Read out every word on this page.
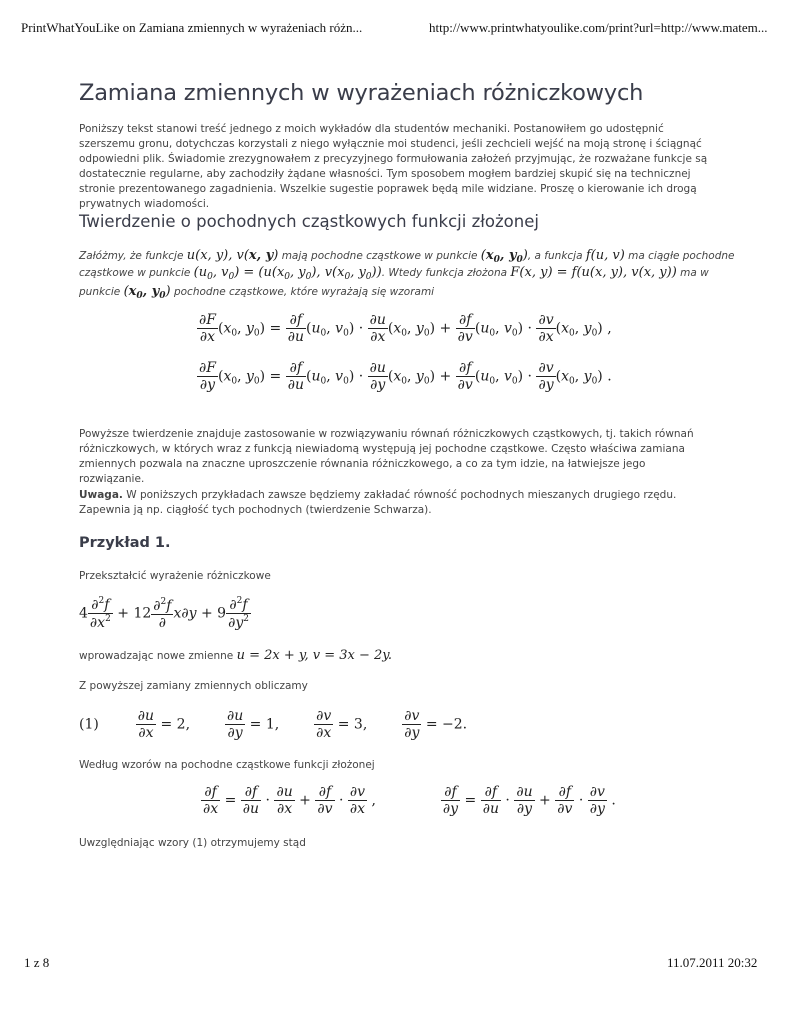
PrintWhatYouLike on Zamiana zmiennych w wyrażeniach różn...	http://www.printwhatyoulike.com/print?url=http://www.matem...
Zamiana zmiennych w wyrażeniach różniczkowych
Poniższy tekst stanowi treść jednego z moich wykładów dla studentów mechaniki. Postanowiłem go udostępnić szerszemu gronu, dotychczas korzystali z niego wyłącznie moi studenci, jeśli zechcieli wejść na moją stronę i ściągnąć odpowiedni plik. Świadomie zrezygnowałem z precyzyjnego formułowania założeń przyjmując, że rozważane funkcje są dostatecznie regularne, aby zachodziły żądane własności. Tym sposobem mogłem bardziej skupić się na technicznej stronie prezentowanego zagadnienia. Wszelkie sugestie poprawek będą mile widziane. Proszę o kierowanie ich drogą prywatnych wiadomości.
Twierdzenie o pochodnych cząstkowych funkcji złożonej
Załóżmy, że funkcje u(x, y), v(x, y) mają pochodne cząstkowe w punkcie ($x_0$, $y_0$), a funkcja f(u, v) ma ciągłe pochodne
cząstkowe w punkcie ($u_0$, $v_0) = (u(x_0$, $y_0$), $v(x_0$, $y_0$)). Wtedy funkcja złożona F(x, y) = f(u(x, y), v(x, y)) ma w
punkcie ($x_0$, $y_0$) pochodne cząstkowe, które wyrażają się wzorami
$\frac{\partial F}{\partial x} (x_0$, $y_0) = \frac{\partial f}{\partial u} (u_0$, $v_0) \cdot \frac{\partial u}{\partial x} (x_0$, $y_0) + \frac{\partial f}{\partial v} (u_0$, $v_0) \cdot \frac{\partial v}{\partial x} (x_0$, $y_0$) ,
$\frac{\partial F}{\partial y} (x_0$, $y_0) = \frac{\partial f}{\partial u} (u_0$, $v_0) \cdot \frac{\partial u}{\partial y} (x_0$, $y_0) + \frac{\partial f}{\partial v} (u_0$, $v_0) \cdot \frac{\partial v}{\partial y} (x_0$, $y_0$) .
Powyższe twierdzenie znajduje zastosowanie w rozwiązywaniu równań różniczkowych cząstkowych, tj. takich równań różniczkowych, w których wraz z funkcją niewiadomą występują jej pochodne cząstkowe. Często właściwa zamiana zmiennych pozwala na znaczne uproszczenie równania różniczkowego, a co za tym idzie, na łatwiejsze jego rozwiązanie.
Uwaga. W poniższych przykładach zawsze będziemy zakładać równość pochodnych mieszanych drugiego rzędu. Zapewnia ją np. ciągłość tych pochodnych (twierdzenie Schwarza).
Przykład 1.
Przekształcić wyrażenie różniczkowe
$4 \frac{\partial^2f}{\partial x^2} + 12 \frac{\partial^2f}{\partial} x\partial y + 9 \frac{\partial^2f}{\partial y^2}$
wprowadzając nowe zmienne u = 2x + y, v = 3x − 2y.
Z powyższej zamiany zmiennych obliczamy
(1)	$\frac{\partial u}{\partial x} = 2$, $\frac{\partial u}{\partial y} = 1$, $\frac{\partial v}{\partial x} = 3$, $\frac{\partial v}{\partial y} = -2$.
Według wzorów na pochodne cząstkowe funkcji złożonej
$\frac{\partial f}{\partial x} = \frac{\partial f}{\partial u} \cdot \frac{\partial u}{\partial x} + \frac{\partial f}{\partial v} \cdot \frac{\partial v}{\partial x}$ ,	$\frac{\partial f}{\partial y} = \frac{\partial f}{\partial u} \cdot \frac{\partial u}{\partial y} + \frac{\partial f}{\partial v} \cdot \frac{\partial v}{\partial y}$ .
Uwzględniając wzory (1) otrzymujemy stąd
1 z 8	11.07.2011 20:32
